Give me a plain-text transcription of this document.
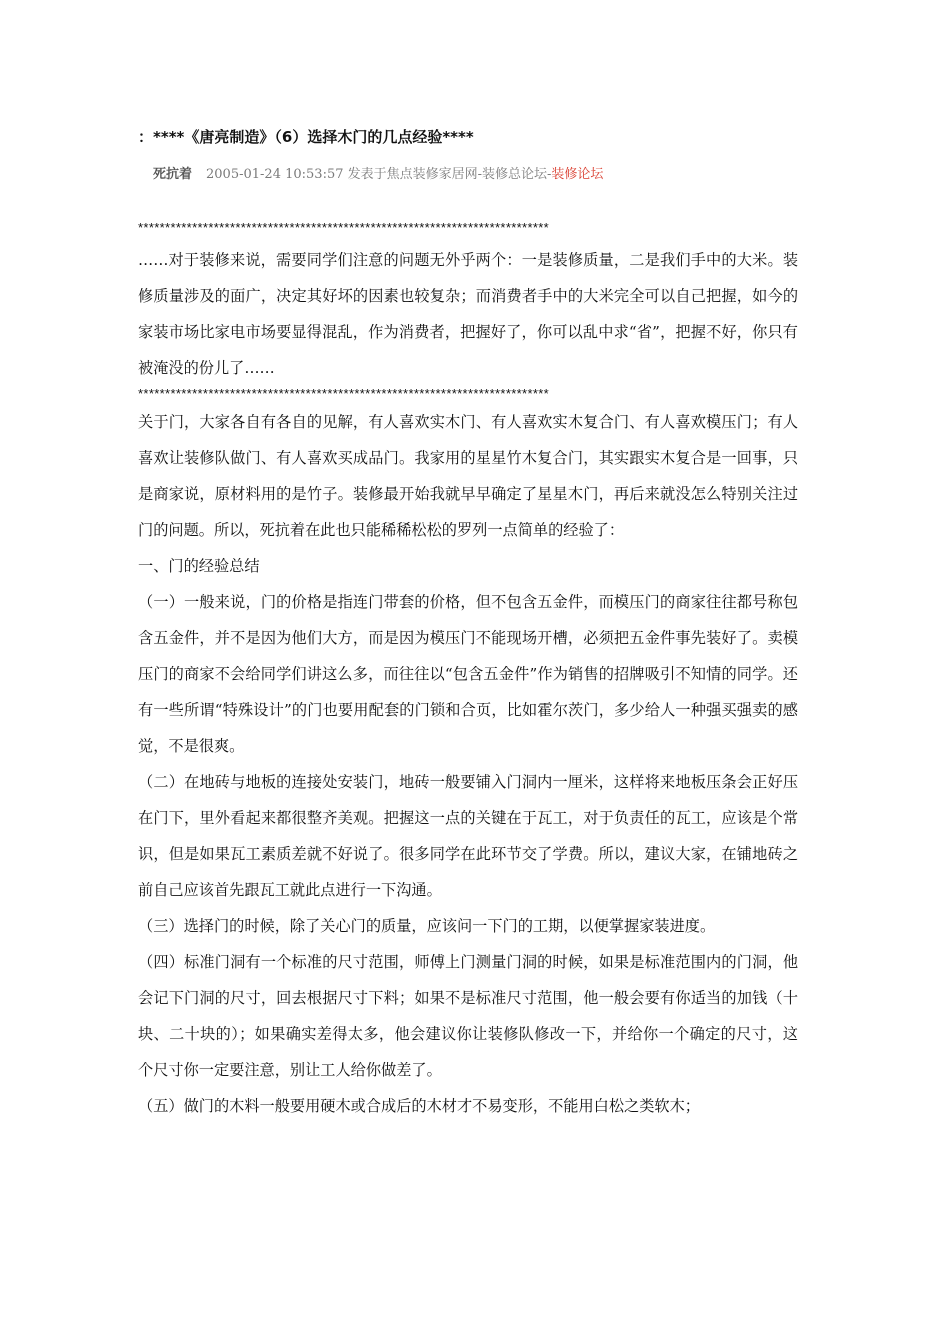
：****《唐亮制造》（6）选择木门的几点经验****
死抗着 2005-01-24 10:53:57 发表于焦点装修家居网-装修总论坛-装修论坛
****************************************************************************

……对于装修来说，需要同学们注意的问题无外乎两个：一是装修质量，二是我们手中的大米。装修质量涉及的面广，决定其好坏的因素也较复杂；而消费者手中的大米完全可以自己把握，如今的家装市场比家电市场要显得混乱，作为消费者，把握好了，你可以乱中求“省”，把握不好，你只有被淹没的份儿了……

****************************************************************************

关于门，大家各自有各自的见解，有人喜欢实木门、有人喜欢实木复合门、有人喜欢模压门；有人喜欢让装修队做门、有人喜欢买成品门。我家用的星星竹木复合门，其实跟实木复合是一回事，只是商家说，原材料用的是竹子。装修最开始我就早早确定了星星木门，再后来就没怎么特别关注过门的问题。所以，死抗着在此也只能稀稀松松的罗列一点简单的经验了：

一、门的经验总结

（一）一般来说，门的价格是指连门带套的价格，但不包含五金件，而模压门的商家往往都号称包含五金件，并不是因为他们大方，而是因为模压门不能现场开槽，必须把五金件事先装好了。卖模压门的商家不会给同学们讲这么多，而往往以“包含五金件”作为销售的招牌吸引不知情的同学。还有一些所谓“特殊设计”的门也要用配套的门锁和合页，比如霍尔茨门，多少给人一种强买强卖的感觉，不是很爽。

（二）在地砖与地板的连接处安装门，地砖一般要铺入门洞内一厘米，这样将来地板压条会正好压在门下，里外看起来都很整齐美观。把握这一点的关键在于瓦工，对于负责任的瓦工，应该是个常识，但是如果瓦工素质差就不好说了。很多同学在此环节交了学费。所以，建议大家，在铺地砖之前自己应该首先跟瓦工就此点进行一下沟通。

（三）选择门的时候，除了关心门的质量，应该问一下门的工期，以便掌握家装进度。

（四）标准门洞有一个标准的尺寸范围，师傅上门测量门洞的时候，如果是标准范围内的门洞，他会记下门洞的尺寸，回去根据尺寸下料；如果不是标准尺寸范围，他一般会要有你适当的加钱（十块、二十块的）；如果确实差得太多，他会建议你让装修队修改一下，并给你一个确定的尺寸，这个尺寸你一定要注意，别让工人给你做差了。

（五）做门的木料一般要用硬木或合成后的木材才不易变形，不能用白松之类软木；
